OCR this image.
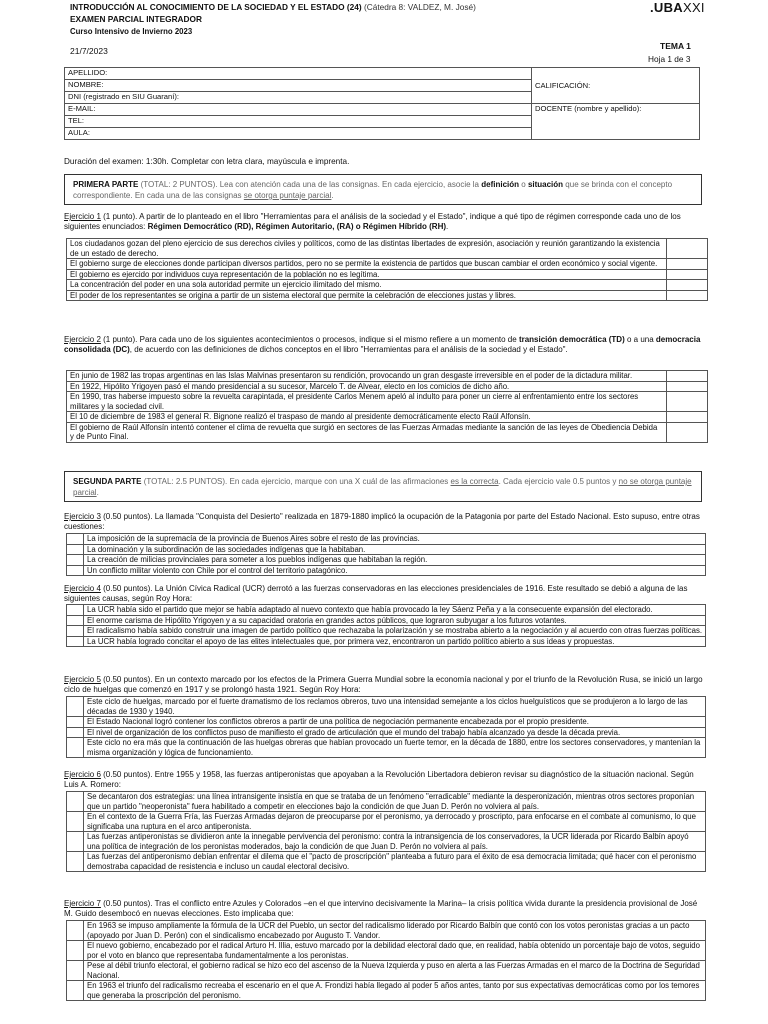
INTRODUCCIÓN AL CONOCIMIENTO DE LA SOCIEDAD Y EL ESTADO (24) (Cátedra 8: VALDEZ, M. José)
EXAMEN PARCIAL INTEGRADOR
Curso Intensivo de Invierno 2023
.UBAXXI
21/7/2023	TEMA 1
Hoja 1 de 3
APELLIDO:	CALIFICACIÓN:
NOMBRE:	
DNI (registrado en SIU Guaraní):	
E-MAIL:	DOCENTE (nombre y apellido):
TEL:	
AULA:	
Duración del examen: 1:30h. Completar con letra clara, mayúscula e imprenta.
PRIMERA PARTE (TOTAL: 2 PUNTOS). Lea con atención cada una de las consignas. En cada ejercicio, asocie la definición o situación que se brinda con el concepto correspondiente. En cada una de las consignas se otorga puntaje parcial.
Ejercicio 1 (1 punto). A partir de lo planteado en el libro "Herramientas para el análisis de la sociedad y el Estado", indique a qué tipo de régimen corresponde cada uno de los siguientes enunciados: Régimen Democrático (RD), Régimen Autoritario, (RA) o Régimen Híbrido (RH).
Los ciudadanos gozan del pleno ejercicio de sus derechos civiles y políticos, como de las distintas libertades de expresión, asociación y reunión garantizando la existencia de un estado de derecho.	
El gobierno surge de elecciones donde participan diversos partidos, pero no se permite la existencia de partidos que buscan cambiar el orden económico y social vigente.	
El gobierno es ejercido por individuos cuya representación de la población no es legítima.	
La concentración del poder en una sola autoridad permite un ejercicio ilimitado del mismo.	
El poder de los representantes se origina a partir de un sistema electoral que permite la celebración de elecciones justas y libres.	
Ejercicio 2 (1 punto). Para cada uno de los siguientes acontecimientos o procesos, indique si el mismo refiere a un momento de transición democrática (TD) o a una democracia consolidada (DC), de acuerdo con las definiciones de dichos conceptos en el libro "Herramientas para el análisis de la sociedad y el Estado".
En junio de 1982 las tropas argentinas en las Islas Malvinas presentaron su rendición, provocando un gran desgaste irreversible en el poder de la dictadura militar.	
En 1922, Hipólito Yrigoyen pasó el mando presidencial a su sucesor, Marcelo T. de Alvear, electo en los comicios de dicho año.	
En 1990, tras haberse impuesto sobre la revuelta carapintada, el presidente Carlos Menem apeló al indulto para poner un cierre al enfrentamiento entre los sectores militares y la sociedad civil.	
El 10 de diciembre de 1983 el general R. Bignone realizó el traspaso de mando al presidente democráticamente electo Raúl Alfonsín.	
El gobierno de Raúl Alfonsín intentó contener el clima de revuelta que surgió en sectores de las Fuerzas Armadas mediante la sanción de las leyes de Obediencia Debida y de Punto Final.	
SEGUNDA PARTE (TOTAL: 2.5 PUNTOS). En cada ejercicio, marque con una X cuál de las afirmaciones es la correcta. Cada ejercicio vale 0.5 puntos y no se otorga puntaje parcial.
Ejercicio 3 (0.50 puntos). La llamada "Conquista del Desierto" realizada en 1879-1880 implicó la ocupación de la Patagonia por parte del Estado Nacional. Esto supuso, entre otras cuestiones:
	La imposición de la supremacía de la provincia de Buenos Aires sobre el resto de las provincias.
	La dominación y la subordinación de las sociedades indígenas que la habitaban.
	La creación de milicias provinciales para someter a los pueblos indígenas que habitaban la región.
	Un conflicto militar violento con Chile por el control del territorio patagónico.
Ejercicio 4 (0.50 puntos). La Unión Cívica Radical (UCR) derrotó a las fuerzas conservadoras en las elecciones presidenciales de 1916. Este resultado se debió a alguna de las siguientes causas, según Roy Hora:
	La UCR había sido el partido que mejor se había adaptado al nuevo contexto que había provocado la ley Sáenz Peña y a la consecuente expansión del electorado.
	El enorme carisma de Hipólito Yrigoyen y a su capacidad oratoria en grandes actos públicos, que lograron subyugar a los futuros votantes.
	El radicalismo había sabido construir una imagen de partido político que rechazaba la polarización y se mostraba abierto a la negociación y al acuerdo con otras fuerzas políticas.
	La UCR había logrado concitar el apoyo de las elites intelectuales que, por primera vez, encontraron un partido político abierto a sus ideas y propuestas.
Ejercicio 5 (0.50 puntos). En un contexto marcado por los efectos de la Primera Guerra Mundial sobre la economía nacional y por el triunfo de la Revolución Rusa, se inició un largo ciclo de huelgas que comenzó en 1917 y se prolongó hasta 1921. Según Roy Hora:
	Este ciclo de huelgas, marcado por el fuerte dramatismo de los reclamos obreros, tuvo una intensidad semejante a los ciclos huelguísticos que se produjeron a lo largo de las décadas de 1930 y 1940.
	El Estado Nacional logró contener los conflictos obreros a partir de una política de negociación permanente encabezada por el propio presidente.
	El nivel de organización de los conflictos puso de manifiesto el grado de articulación que el mundo del trabajo había alcanzado ya desde la década previa.
	Este ciclo no era más que la continuación de las huelgas obreras que habían provocado un fuerte temor, en la década de 1880, entre los sectores conservadores, y mantenían la misma organización y lógica de funcionamiento.
Ejercicio 6 (0.50 puntos). Entre 1955 y 1958, las fuerzas antiperonistas que apoyaban a la Revolución Libertadora debieron revisar su diagnóstico de la situación nacional. Según Luis A. Romero:
	Se decantaron dos estrategias: una línea intransigente insistía en que se trataba de un fenómeno "erradicable" mediante la desperonización, mientras otros sectores proponían que un partido "neoperonista" fuera habilitado a competir en elecciones bajo la condición de que Juan D. Perón no volviera al país.
	En el contexto de la Guerra Fría, las Fuerzas Armadas dejaron de preocuparse por el peronismo, ya derrocado y proscripto, para enfocarse en el combate al comunismo, lo que significaba una ruptura en el arco antiperonista.
	Las fuerzas antiperonistas se dividieron ante la innegable pervivencia del peronismo: contra la intransigencia de los conservadores, la UCR liderada por Ricardo Balbín apoyó una política de integración de los peronistas moderados, bajo la condición de que Juan D. Perón no volviera al país.
	Las fuerzas del antiperonismo debían enfrentar el dilema que el "pacto de proscripción" planteaba a futuro para el éxito de esa democracia limitada; qué hacer con el peronismo demostraba capacidad de resistencia e incluso un caudal electoral decisivo.
Ejercicio 7 (0.50 puntos). Tras el conflicto entre Azules y Colorados –en el que intervino decisivamente la Marina– la crisis política vivida durante la presidencia provisional de José M. Guido desembocó en nuevas elecciones. Esto implicaba que:
	En 1963 se impuso ampliamente la fórmula de la UCR del Pueblo, un sector del radicalismo liderado por Ricardo Balbín que contó con los votos peronistas gracias a un pacto (apoyado por Juan D. Perón) con el sindicalismo encabezado por Augusto T. Vandor.
	El nuevo gobierno, encabezado por el radical Arturo H. Illia, estuvo marcado por la debilidad electoral dado que, en realidad, había obtenido un porcentaje bajo de votos, seguido por el voto en blanco que representaba fundamentalmente a los peronistas.
	Pese al débil triunfo electoral, el gobierno radical se hizo eco del ascenso de la Nueva Izquierda y puso en alerta a las Fuerzas Armadas en el marco de la Doctrina de Seguridad Nacional.
	En 1963 el triunfo del radicalismo recreaba el escenario en el que A. Frondizi había llegado al poder 5 años antes, tanto por sus expectativas democráticas como por los temores que generaba la proscripción del peronismo.
